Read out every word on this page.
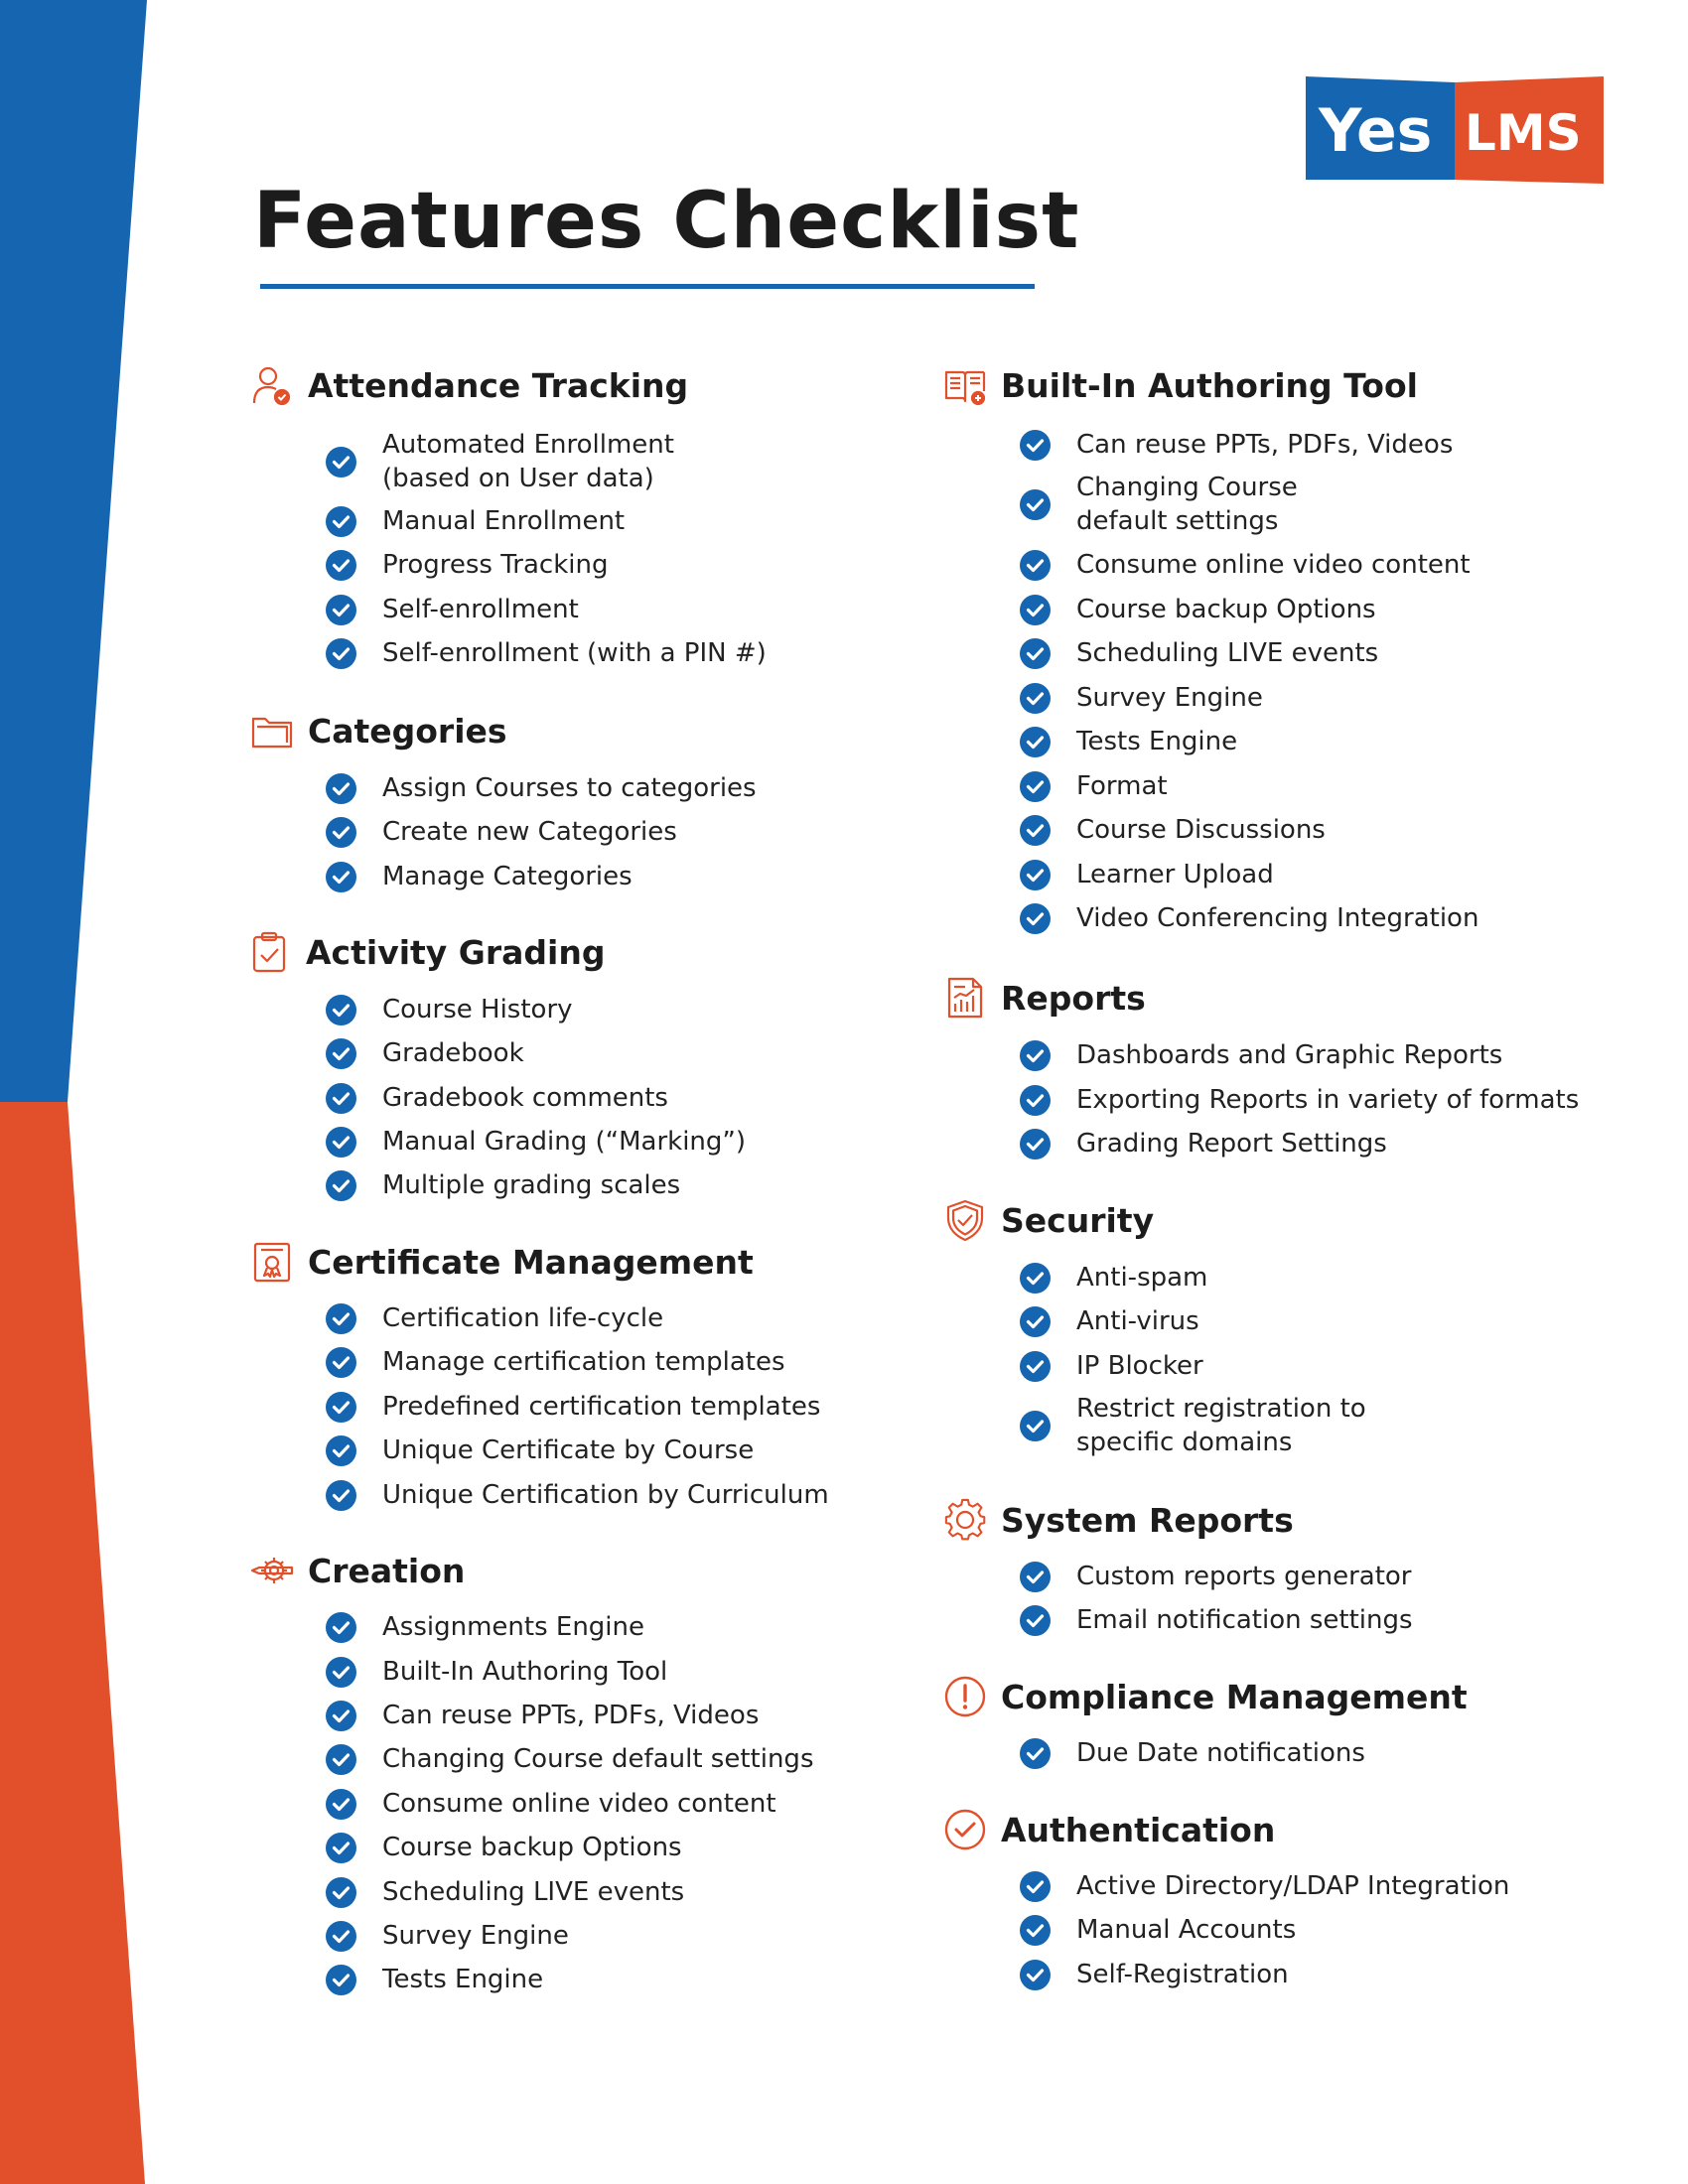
Yes LMS
Features Checklist
Attendance Tracking
Automated Enrollment
(based on User data)
Manual Enrollment
Progress Tracking
Self-enrollment
Self-enrollment (with a PIN #)
Categories
Assign Courses to categories
Create new Categories
Manage Categories
Activity Grading
Course History
Gradebook
Gradebook comments
Manual Grading (“Marking”)
Multiple grading scales
Certificate Management
Certification life-cycle
Manage certification templates
Predefined certification templates
Unique Certificate by Course
Unique Certification by Curriculum
Creation
Assignments Engine
Built-In Authoring Tool
Can reuse PPTs, PDFs, Videos
Changing Course default settings
Consume online video content
Course backup Options
Scheduling LIVE events
Survey Engine
Tests Engine
Built-In Authoring Tool
Can reuse PPTs, PDFs, Videos
Changing Course
default settings
Consume online video content
Course backup Options
Scheduling LIVE events
Survey Engine
Tests Engine
Format
Course Discussions
Learner Upload
Video Conferencing Integration
Reports
Dashboards and Graphic Reports
Exporting Reports in variety of formats
Grading Report Settings
Security
Anti-spam
Anti-virus
IP Blocker
Restrict registration to
specific domains
System Reports
Custom reports generator
Email notification settings
Compliance Management
Due Date notifications
Authentication
Active Directory/LDAP Integration
Manual Accounts
Self-Registration
